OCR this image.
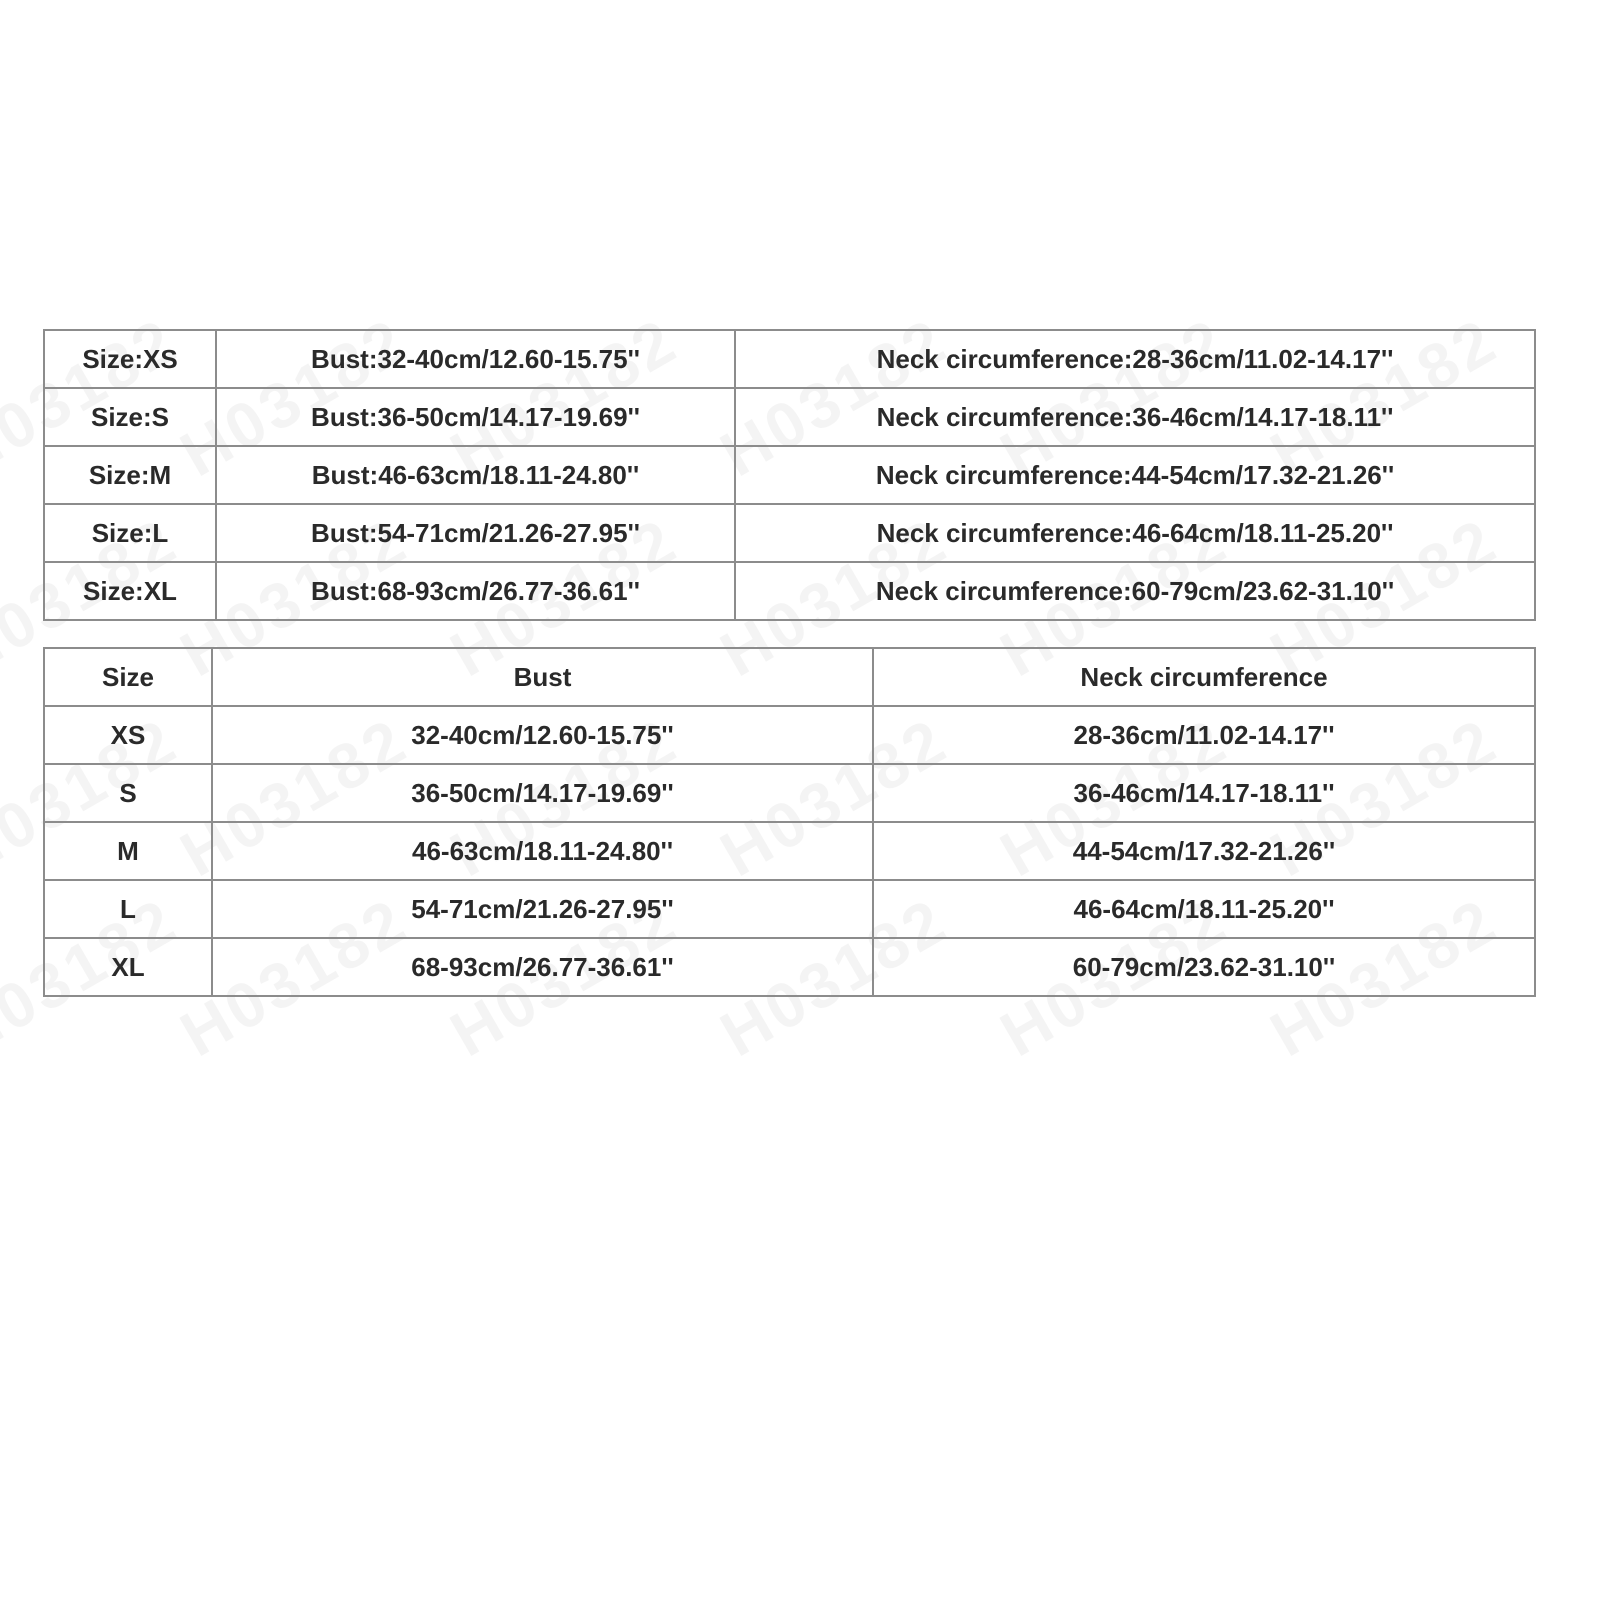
Size:XS	Bust:32-40cm/12.60-15.75''	Neck circumference:28-36cm/11.02-14.17''
Size:S	Bust:36-50cm/14.17-19.69''	Neck circumference:36-46cm/14.17-18.11''
Size:M	Bust:46-63cm/18.11-24.80''	Neck circumference:44-54cm/17.32-21.26''
Size:L	Bust:54-71cm/21.26-27.95''	Neck circumference:46-64cm/18.11-25.20''
Size:XL	Bust:68-93cm/26.77-36.61''	Neck circumference:60-79cm/23.62-31.10''
Size	Bust	Neck circumference
XS	32-40cm/12.60-15.75''	28-36cm/11.02-14.17''
S	36-50cm/14.17-19.69''	36-46cm/14.17-18.11''
M	46-63cm/18.11-24.80''	44-54cm/17.32-21.26''
L	54-71cm/21.26-27.95''	46-64cm/18.11-25.20''
XL	68-93cm/26.77-36.61''	60-79cm/23.62-31.10''
